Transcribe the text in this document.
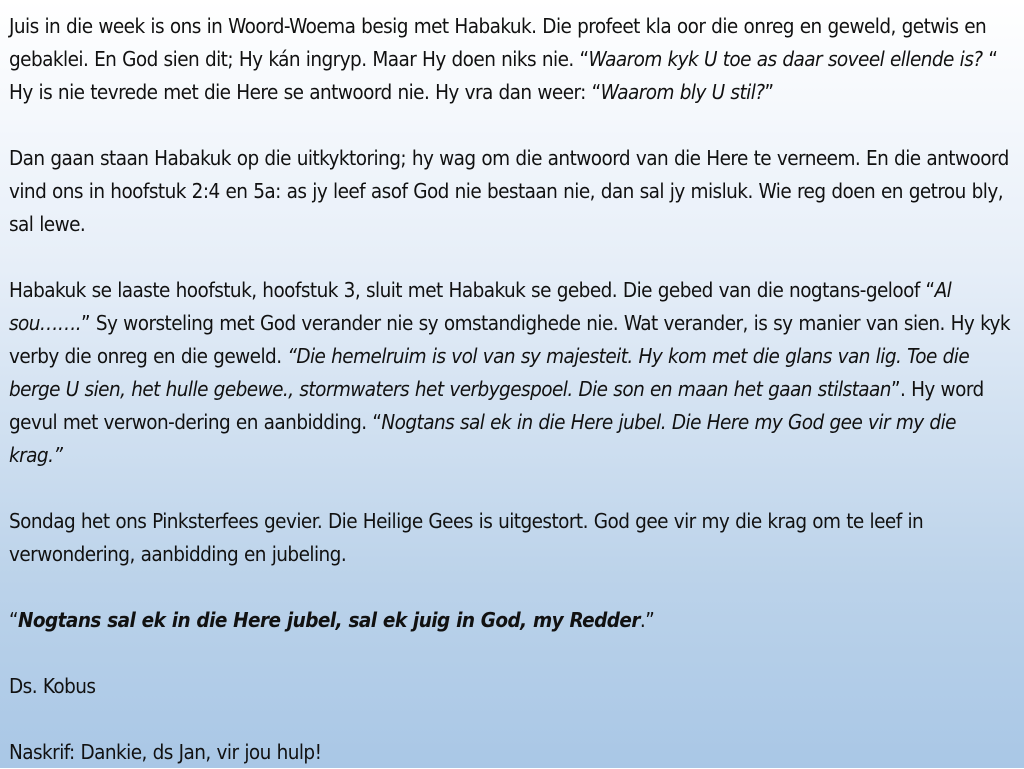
Juis in die week is ons in Woord-Woema besig met Habakuk. Die profeet kla oor die onreg en geweld, getwis en gebaklei. En God sien dit; Hy kán ingryp. Maar Hy doen niks nie. “Waarom kyk U toe as daar soveel ellende is? “ Hy is nie tevrede met die Here se antwoord nie. Hy vra dan weer: “Waarom bly U stil?”

Dan gaan staan Habakuk op die uitkyktoring; hy wag om die antwoord van die Here te verneem. En die antwoord vind ons in hoofstuk 2:4 en 5a: as jy leef asof God nie bestaan nie, dan sal jy misluk. Wie reg doen en getrou bly, sal lewe.

Habakuk se laaste hoofstuk, hoofstuk 3, sluit met Habakuk se gebed. Die gebed van die nogtans-geloof “Al sou…….” Sy worsteling met God verander nie sy omstandighede nie. Wat verander, is sy manier van sien. Hy kyk verby die onreg en die geweld. “Die hemelruim is vol van sy majesteit. Hy kom met die glans van lig. Toe die berge U sien, het hulle gebewe., stormwaters het verbygespoel. Die son en maan het gaan stilstaan”. Hy word gevul met verwon-dering en aanbidding. “Nogtans sal ek in die Here jubel. Die Here my God gee vir my die krag.”

Sondag het ons Pinksterfees gevier. Die Heilige Gees is uitgestort. God gee vir my die krag om te leef in verwondering, aanbidding en jubeling.

“Nogtans sal ek in die Here jubel, sal ek juig in God, my Redder.”

Ds. Kobus

Naskrif: Dankie, ds Jan, vir jou hulp!
